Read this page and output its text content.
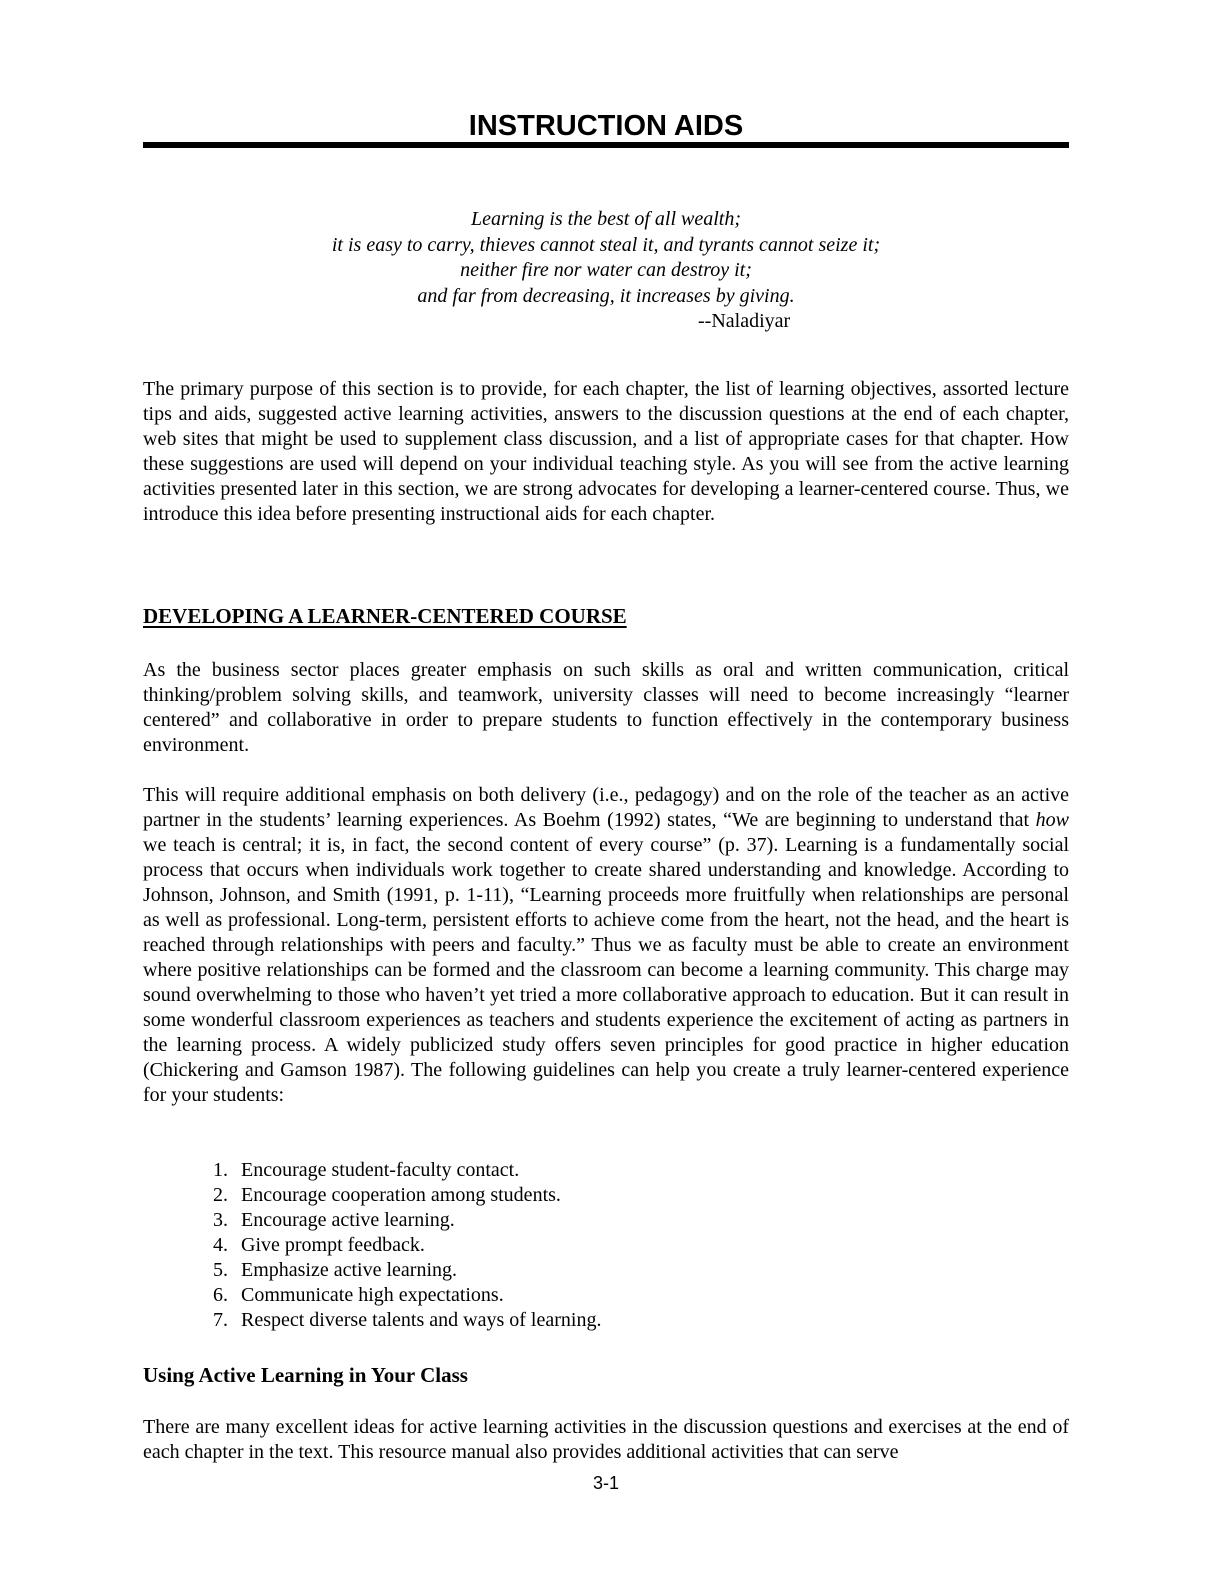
INSTRUCTION AIDS
Learning is the best of all wealth;
it is easy to carry, thieves cannot steal it, and tyrants cannot seize it;
neither fire nor water can destroy it;
and far from decreasing, it increases by giving.
--Naladiyar

The primary purpose of this section is to provide, for each chapter, the list of learning objectives, assorted lecture tips and aids, suggested active learning activities, answers to the discussion questions at the end of each chapter, web sites that might be used to supplement class discussion, and a list of appropriate cases for that chapter. How these suggestions are used will depend on your individual teaching style. As you will see from the active learning activities presented later in this section, we are strong advocates for developing a learner-centered course. Thus, we introduce this idea before presenting instructional aids for each chapter.

DEVELOPING A LEARNER-CENTERED COURSE

As the business sector places greater emphasis on such skills as oral and written communication, critical thinking/problem solving skills, and teamwork, university classes will need to become increasingly “learner centered” and collaborative in order to prepare students to function effectively in the contemporary business environment.

This will require additional emphasis on both delivery (i.e., pedagogy) and on the role of the teacher as an active partner in the students’ learning experiences. As Boehm (1992) states, “We are beginning to understand that how we teach is central; it is, in fact, the second content of every course” (p. 37). Learning is a fundamentally social process that occurs when individuals work together to create shared understanding and knowledge. According to Johnson, Johnson, and Smith (1991, p. 1-11), “Learning proceeds more fruitfully when relationships are personal as well as professional. Long-term, persistent efforts to achieve come from the heart, not the head, and the heart is reached through relationships with peers and faculty.” Thus we as faculty must be able to create an environment where positive relationships can be formed and the classroom can become a learning community. This charge may sound overwhelming to those who haven’t yet tried a more collaborative approach to education. But it can result in some wonderful classroom experiences as teachers and students experience the excitement of acting as partners in the learning process. A widely publicized study offers seven principles for good practice in higher education (Chickering and Gamson 1987). The following guidelines can help you create a truly learner-centered experience for your students:

1. Encourage student-faculty contact.
2. Encourage cooperation among students.
3. Encourage active learning.
4. Give prompt feedback.
5. Emphasize active learning.
6. Communicate high expectations.
7. Respect diverse talents and ways of learning.
Using Active Learning in Your Class

There are many excellent ideas for active learning activities in the discussion questions and exercises at the end of each chapter in the text. This resource manual also provides additional activities that can serve

3-1
